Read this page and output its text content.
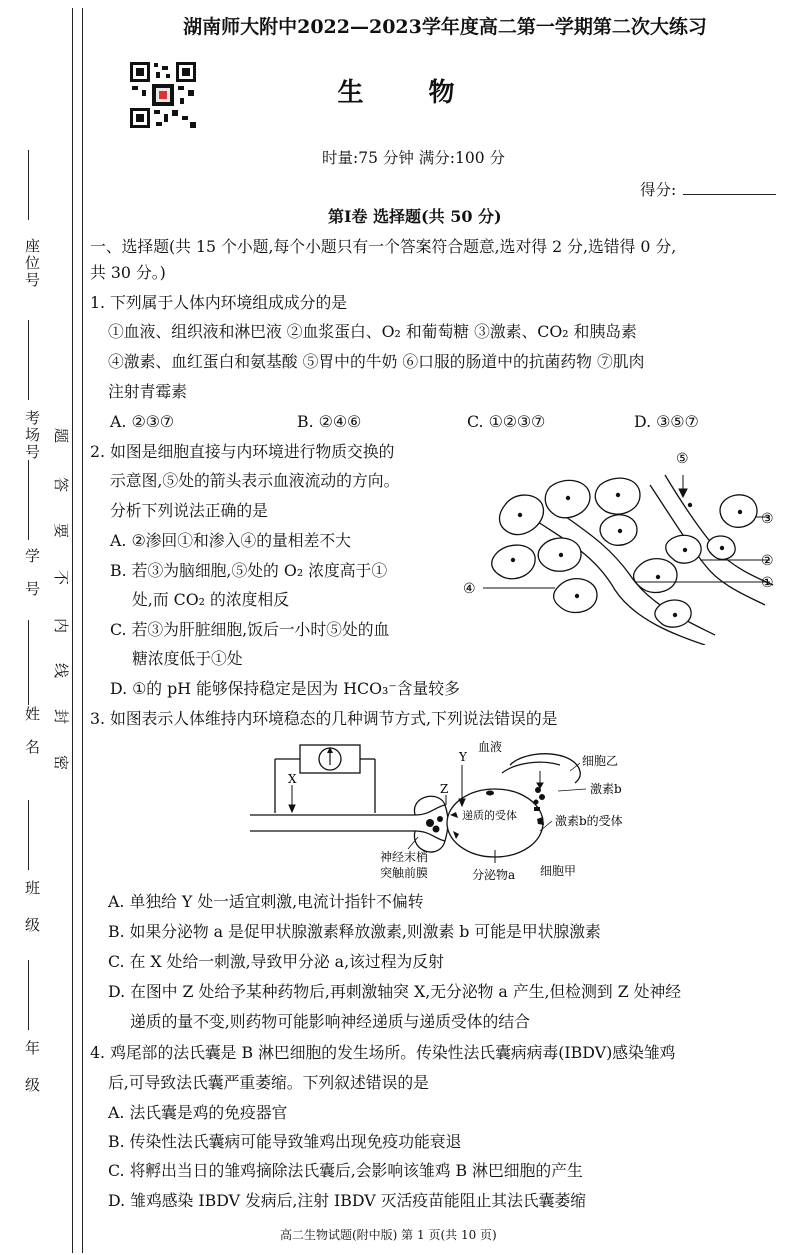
座位号
考场号
学号
姓名
班级
年级
题
答
要
不
内
线
封
密
湖南师大附中2022—2023学年度高二第一学期第二次大练习
生 物
时量:75 分钟 满分:100 分
得分:
第Ⅰ卷 选择题(共 50 分)
一、选择题(共 15 个小题,每个小题只有一个答案符合题意,选对得 2 分,选错得 0 分,
共 30 分。)
1. 下列属于人体内环境组成成分的是
①血液、组织液和淋巴液 ②血浆蛋白、O₂ 和葡萄糖 ③激素、CO₂ 和胰岛素
④激素、血红蛋白和氨基酸 ⑤胃中的牛奶 ⑥口服的肠道中的抗菌药物 ⑦肌肉
注射青霉素
A. ②③⑦	B. ②④⑥	C. ①②③⑦	D. ③⑤⑦
2. 如图是细胞直接与内环境进行物质交换的
示意图,⑤处的箭头表示血液流动的方向。
分析下列说法正确的是
A. ②渗回①和渗入④的量相差不大
B. 若③为脑细胞,⑤处的 O₂ 浓度高于①
处,而 CO₂ 的浓度相反
C. 若③为肝脏细胞,饭后一小时⑤处的血
糖浓度低于①处
D. ①的 pH 能够保持稳定是因为 HCO₃⁻含量较多
⑤
③
②
①
④
3. 如图表示人体维持内环境稳态的几种调节方式,下列说法错误的是
X
Y
Z
血液
细胞乙
激素b
递质的受体	激素b的受体
神经末梢
突触前膜	分泌物a 细胞甲
A. 单独给 Y 处一适宜刺激,电流计指针不偏转
B. 如果分泌物 a 是促甲状腺激素释放激素,则激素 b 可能是甲状腺激素
C. 在 X 处给一刺激,导致甲分泌 a,该过程为反射
D. 在图中 Z 处给予某种药物后,再刺激轴突 X,无分泌物 a 产生,但检测到 Z 处神经
递质的量不变,则药物可能影响神经递质与递质受体的结合
4. 鸡尾部的法氏囊是 B 淋巴细胞的发生场所。传染性法氏囊病病毒(IBDV)感染雏鸡
后,可导致法氏囊严重萎缩。下列叙述错误的是
A. 法氏囊是鸡的免疫器官
B. 传染性法氏囊病可能导致雏鸡出现免疫功能衰退
C. 将孵出当日的雏鸡摘除法氏囊后,会影响该雏鸡 B 淋巴细胞的产生
D. 雏鸡感染 IBDV 发病后,注射 IBDV 灭活疫苗能阻止其法氏囊萎缩
高二生物试题(附中版) 第 1 页(共 10 页)
